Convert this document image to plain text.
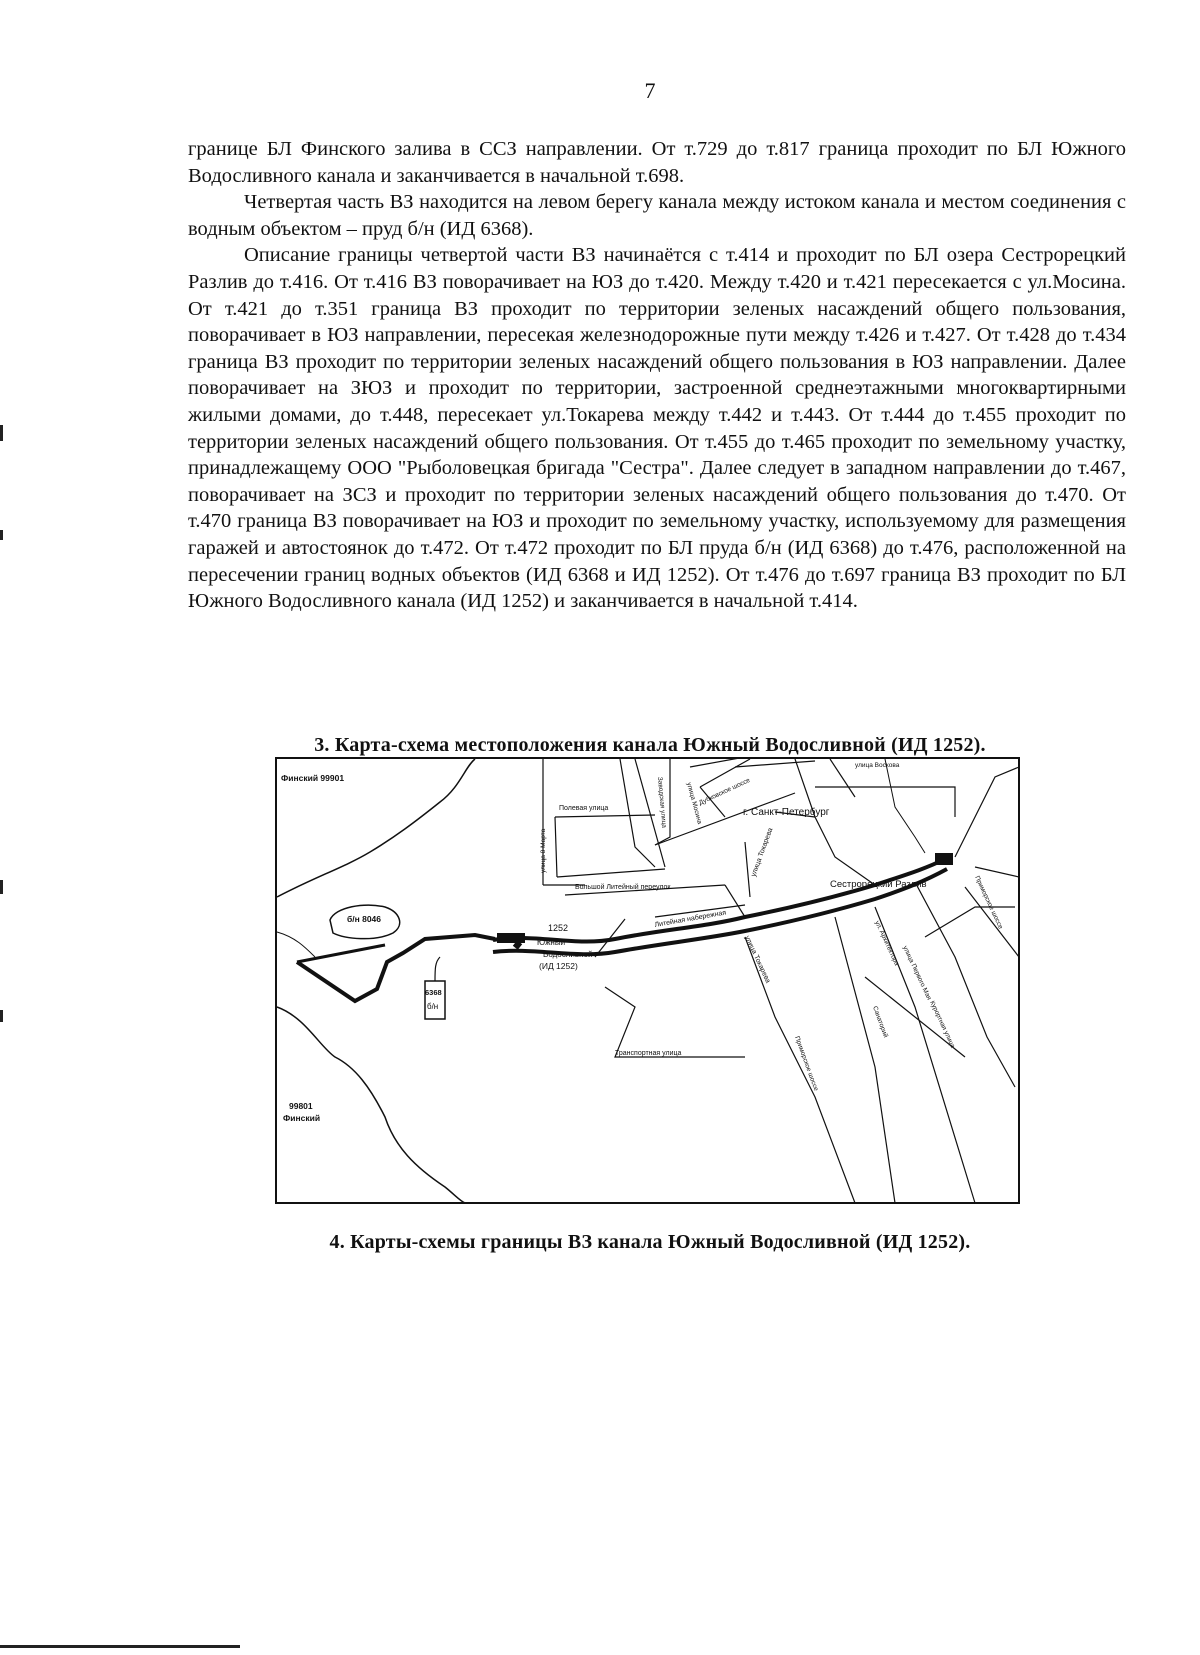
7

границе БЛ Финского залива в ССЗ направлении. От т.729 до т.817 граница проходит по БЛ Южного Водосливного канала и заканчивается в начальной т.698.

Четвертая часть ВЗ находится на левом берегу канала между истоком канала и местом соединения с водным объектом – пруд б/н (ИД 6368).

Описание границы четвертой части ВЗ начинаётся с т.414 и проходит по БЛ озера Сестрорецкий Разлив до т.416. От т.416 ВЗ поворачивает на ЮЗ до т.420. Между т.420 и т.421 пересекается с ул.Мосина. От т.421 до т.351 граница ВЗ проходит по территории зеленых насаждений общего пользования, поворачивает в ЮЗ направлении, пересекая железнодорожные пути между т.426 и т.427. От т.428 до т.434 граница ВЗ проходит по территории зеленых насаждений общего пользования в ЮЗ направлении. Далее поворачивает на ЗЮЗ и проходит по территории, застроенной среднеэтажными многоквартирными жилыми домами, до т.448, пересекает ул.Токарева между т.442 и т.443. От т.444 до т.455 проходит по территории зеленых насаждений общего пользования. От т.455 до т.465 проходит по земельному участку, принадлежащему ООО "Рыболовецкая бригада "Сестра". Далее следует в западном направлении до т.467, поворачивает на ЗСЗ и проходит по территории зеленых насаждений общего пользования до т.470. От т.470 граница ВЗ поворачивает на ЮЗ и проходит по земельному участку, используемому для размещения гаражей и автостоянок до т.472. От т.472 проходит по БЛ пруда б/н (ИД 6368) до т.476, расположенной на пересечении границ водных объектов (ИД 6368 и ИД 1252). От т.476 до т.697 граница ВЗ проходит по БЛ Южного Водосливного канала (ИД 1252) и заканчивается в начальной т.414.

3. Карта-схема местоположения канала Южный Водосливной (ИД 1252).
Финский 99901
99801
Финский
г. Санкт-Петербург
Сестрорецкий Разлив
1252
Южный
Водосливной
(ИД 1252)
б/н 8046
6368
б/н
Полевая улица
Большой Литейный переулок
Транспортная улица
Литейная набережная
улица Токарева
улица Токарева
улица Воскова
Заводская улица	Дубковское шоссе
улица Мосина
улица 8 Марта
Приморское шоссе
ул. Архитектора
улица Первого Мая
Санаторий	Курортная улица
Приморское шоссе
4. Карты-схемы границы ВЗ канала Южный Водосливной (ИД 1252).
